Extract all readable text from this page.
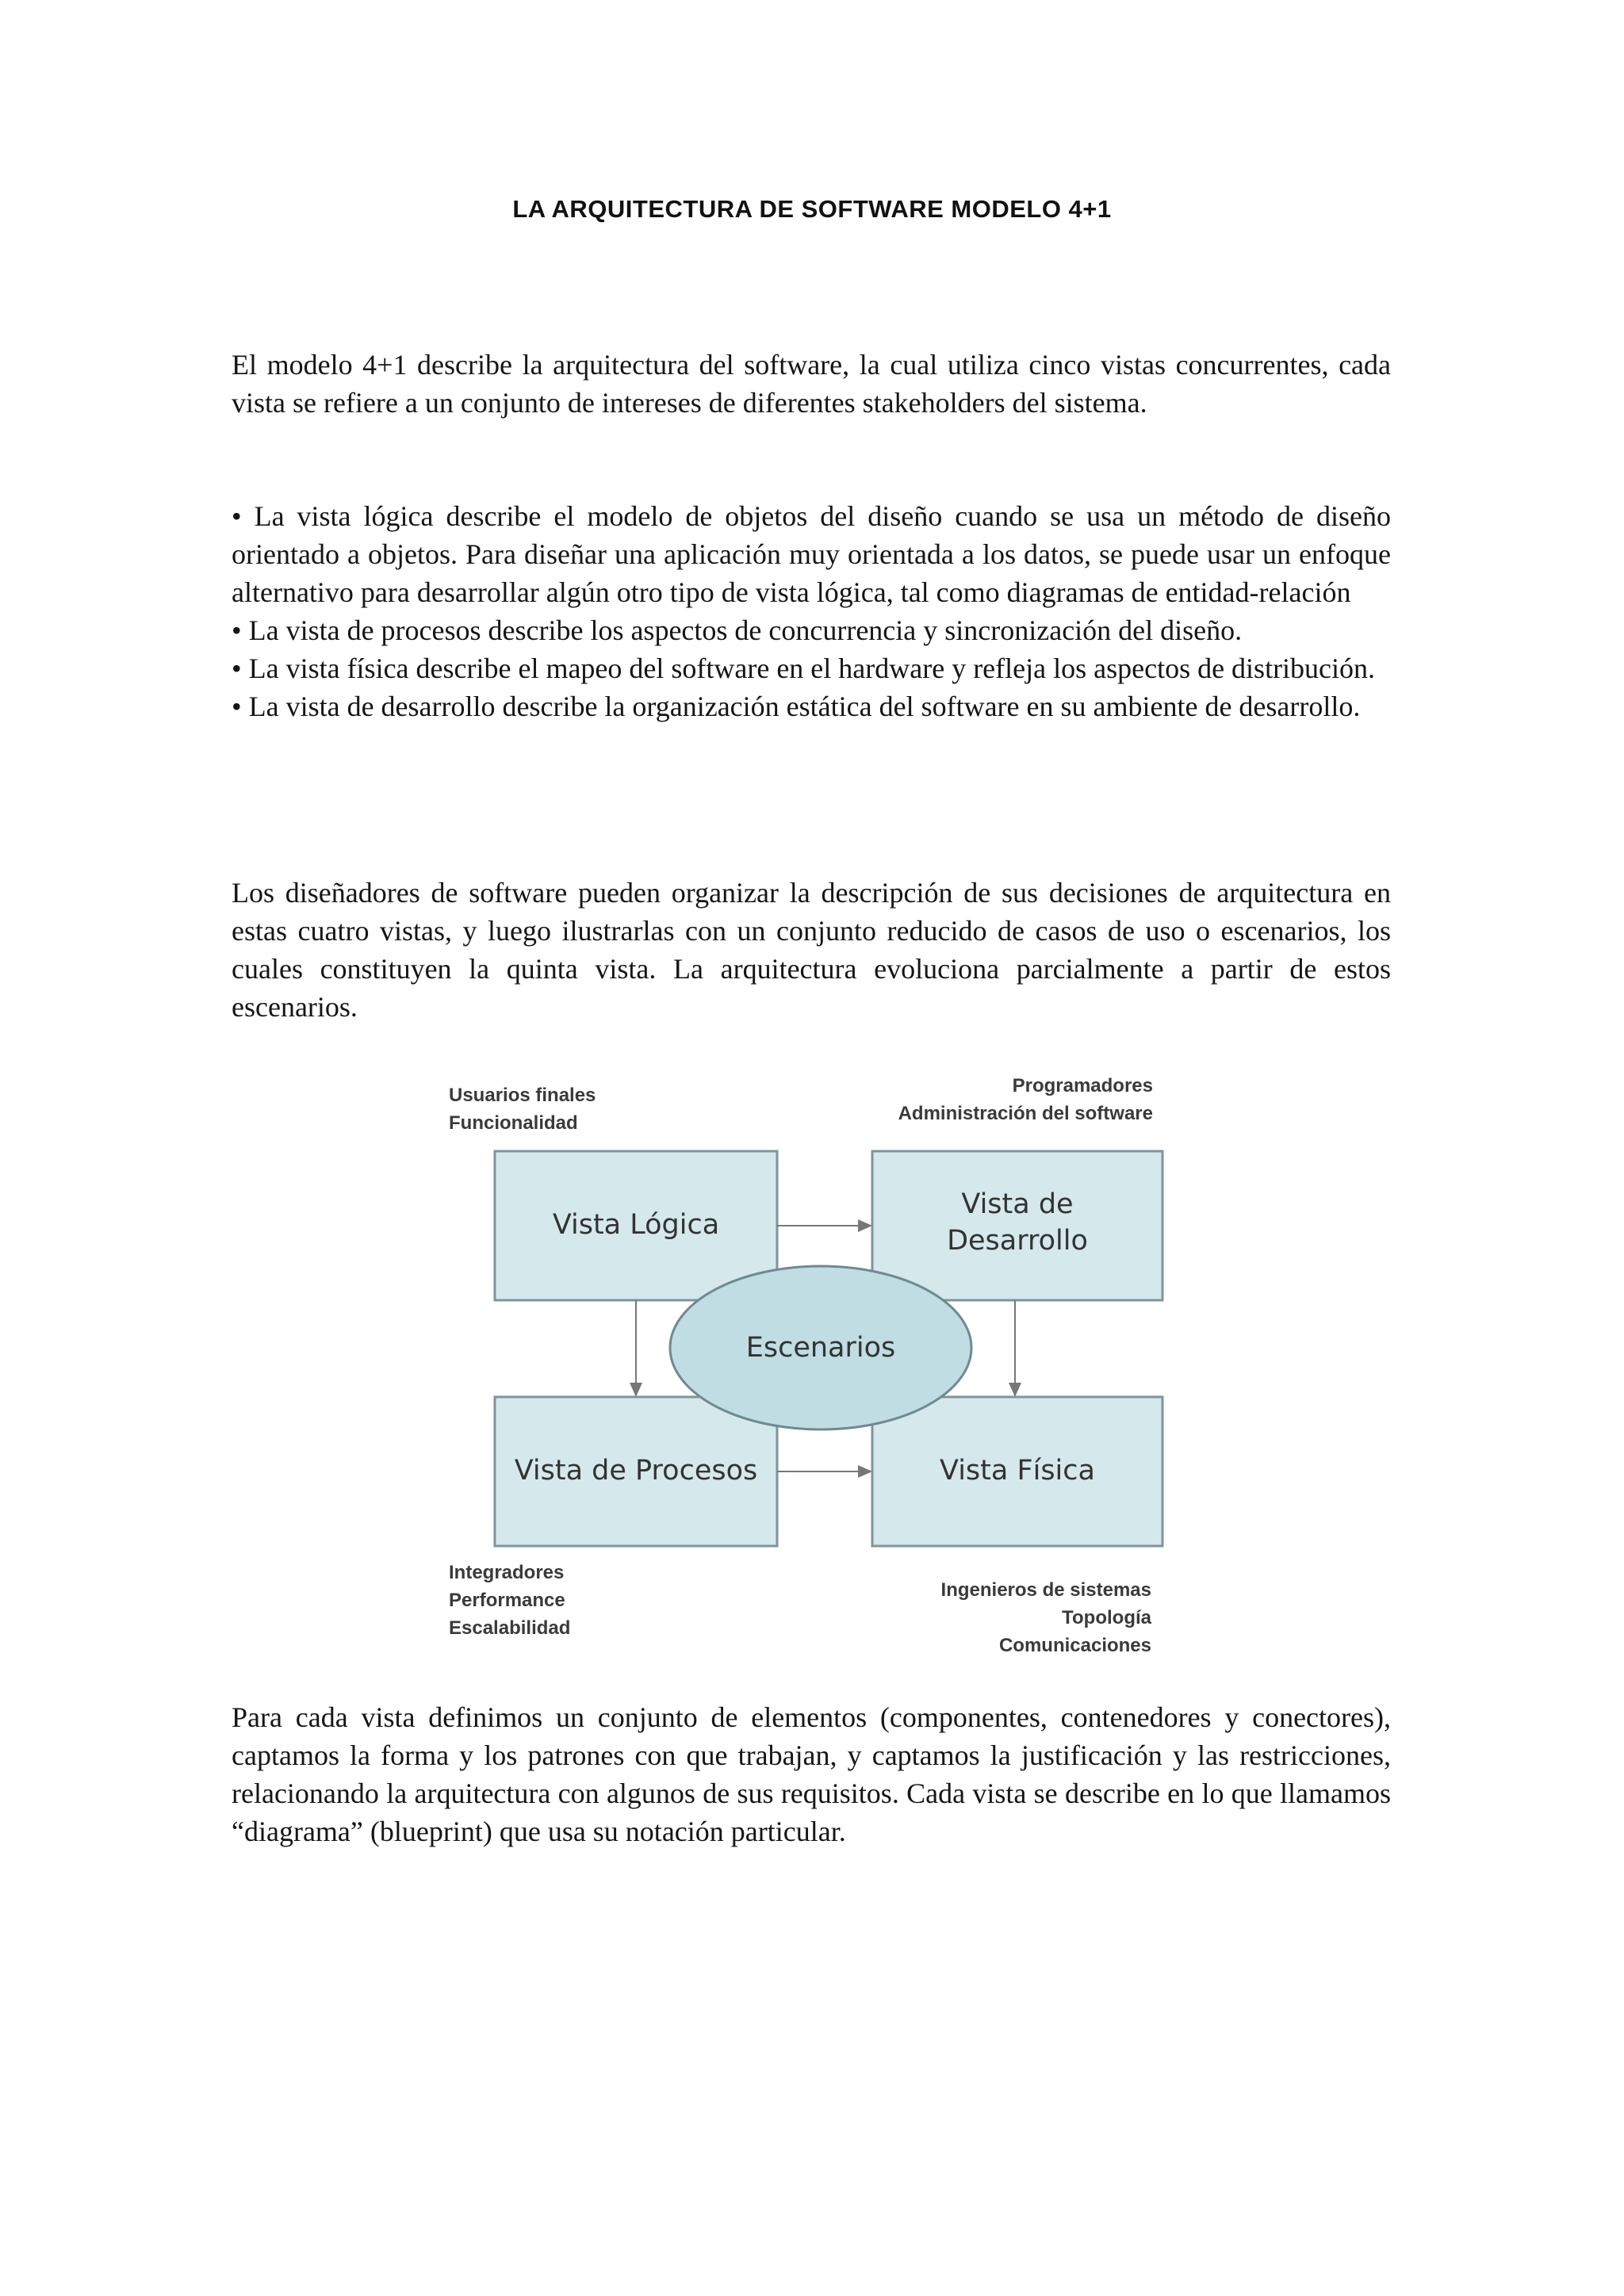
LA ARQUITECTURA DE SOFTWARE MODELO 4+1

El modelo 4+1 describe la arquitectura del software, la cual utiliza cinco vistas concurrentes, cada vista se refiere a un conjunto de intereses de diferentes stakeholders del sistema.

• La vista lógica describe el modelo de objetos del diseño cuando se usa un método de diseño orientado a objetos. Para diseñar una aplicación muy orientada a los datos, se puede usar un enfoque alternativo para desarrollar algún otro tipo de vista lógica, tal como diagramas de entidad-relación

• La vista de procesos describe los aspectos de concurrencia y sincronización del diseño.

• La vista física describe el mapeo del software en el hardware y refleja los aspectos de distribución.

• La vista de desarrollo describe la organización estática del software en su ambiente de desarrollo.

Los diseñadores de software pueden organizar la descripción de sus decisiones de arquitectura en estas cuatro vistas, y luego ilustrarlas con un conjunto reducido de casos de uso o escenarios, los cuales constituyen la quinta vista. La arquitectura evoluciona parcialmente a partir de estos escenarios.

Usuarios finales
Funcionalidad
Programadores
Administración del software
Integradores
Performance
Escalabilidad
Ingenieros de sistemas
Topología
Comunicaciones
Vista Lógica
Vista de
Desarrollo
Escenarios
Vista de Procesos	Vista Física

Para cada vista definimos un conjunto de elementos (componentes, contenedores y conectores), captamos la forma y los patrones con que trabajan, y captamos la justificación y las restricciones, relacionando la arquitectura con algunos de sus requisitos. Cada vista se describe en lo que llamamos “diagrama” (blueprint) que usa su notación particular.
